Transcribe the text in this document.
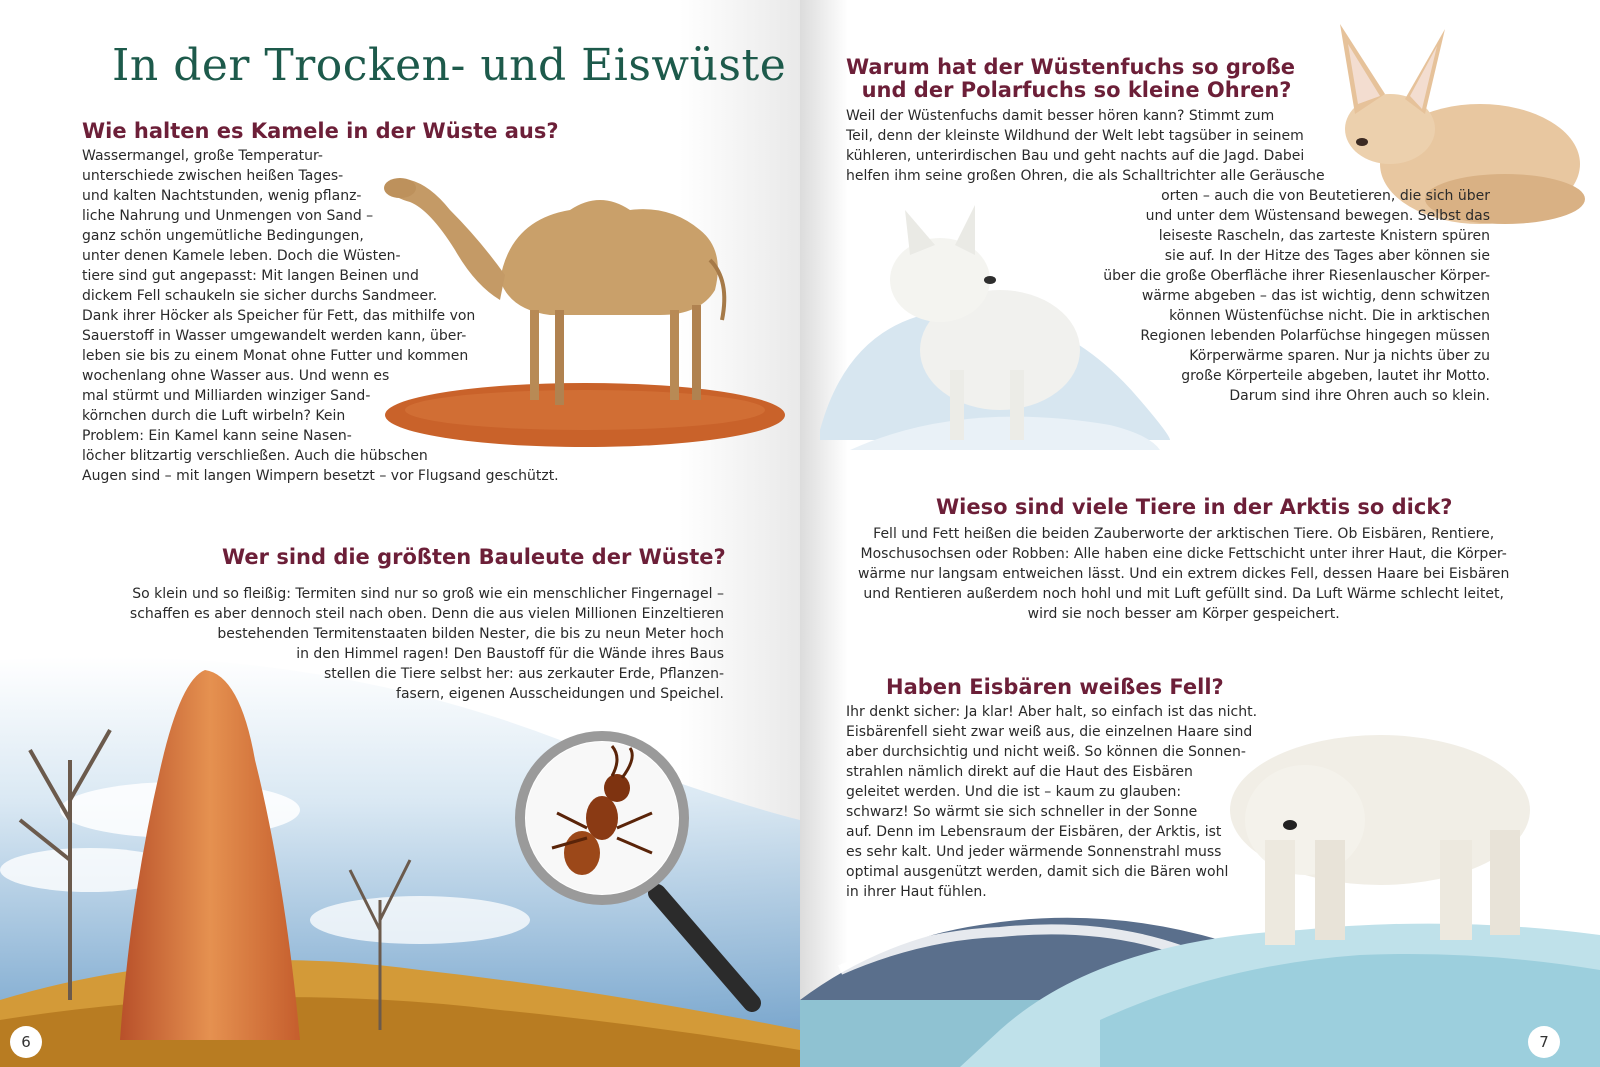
In der Trocken- und Eiswüste
Wie halten es Kamele in der Wüste aus?
Wassermangel, große Temperatur-
unterschiede zwischen heißen Tages-
und kalten Nachtstunden, wenig pflanz-
liche Nahrung und Unmengen von Sand –
ganz schön ungemütliche Bedingungen,
unter denen Kamele leben. Doch die Wüsten-
tiere sind gut angepasst: Mit langen Beinen und
dickem Fell schaukeln sie sicher durchs Sandmeer.
Dank ihrer Höcker als Speicher für Fett, das mithilfe von
Sauerstoff in Wasser umgewandelt werden kann, über-
leben sie bis zu einem Monat ohne Futter und kommen
wochenlang ohne Wasser aus. Und wenn es
mal stürmt und Milliarden winziger Sand-
körnchen durch die Luft wirbeln? Kein
Problem: Ein Kamel kann seine Nasen-
löcher blitzartig verschließen. Auch die hübschen
Augen sind – mit langen Wimpern besetzt – vor Flugsand geschützt.
Wer sind die größten Bauleute der Wüste?
So klein und so fleißig: Termiten sind nur so groß wie ein menschlicher Fingernagel –
schaffen es aber dennoch steil nach oben. Denn die aus vielen Millionen Einzeltieren
bestehenden Termitenstaaten bilden Nester, die bis zu neun Meter hoch
in den Himmel ragen! Den Baustoff für die Wände ihres Baus
stellen die Tiere selbst her: aus zerkauter Erde, Pflanzen-
fasern, eigenen Ausscheidungen und Speichel.
6
Warum hat der Wüstenfuchs so große
und der Polarfuchs so kleine Ohren?
Weil der Wüstenfuchs damit besser hören kann? Stimmt zum
Teil, denn der kleinste Wildhund der Welt lebt tagsüber in seinem
kühleren, unterirdischen Bau und geht nachts auf die Jagd. Dabei
helfen ihm seine großen Ohren, die als Schalltrichter alle Geräusche
orten – auch die von Beutetieren, die sich über
und unter dem Wüstensand bewegen. Selbst das
leiseste Rascheln, das zarteste Knistern spüren
sie auf. In der Hitze des Tages aber können sie
über die große Oberfläche ihrer Riesenlauscher Körper-
wärme abgeben – das ist wichtig, denn schwitzen
können Wüstenfüchse nicht. Die in arktischen
Regionen lebenden Polarfüchse hingegen müssen
Körperwärme sparen. Nur ja nichts über zu
große Körperteile abgeben, lautet ihr Motto.
Darum sind ihre Ohren auch so klein.
Wieso sind viele Tiere in der Arktis so dick?
Fell und Fett heißen die beiden Zauberworte der arktischen Tiere. Ob Eisbären, Rentiere,
Moschusochsen oder Robben: Alle haben eine dicke Fettschicht unter ihrer Haut, die Körper-
wärme nur langsam entweichen lässt. Und ein extrem dickes Fell, dessen Haare bei Eisbären
und Rentieren außerdem noch hohl und mit Luft gefüllt sind. Da Luft Wärme schlecht leitet,
wird sie noch besser am Körper gespeichert.
Haben Eisbären weißes Fell?
Ihr denkt sicher: Ja klar! Aber halt, so einfach ist das nicht.
Eisbärenfell sieht zwar weiß aus, die einzelnen Haare sind
aber durchsichtig und nicht weiß. So können die Sonnen-
strahlen nämlich direkt auf die Haut des Eisbären
geleitet werden. Und die ist – kaum zu glauben:
schwarz! So wärmt sie sich schneller in der Sonne
auf. Denn im Lebensraum der Eisbären, der Arktis, ist
es sehr kalt. Und jeder wärmende Sonnenstrahl muss
optimal ausgenützt werden, damit sich die Bären wohl
in ihrer Haut fühlen.
7
